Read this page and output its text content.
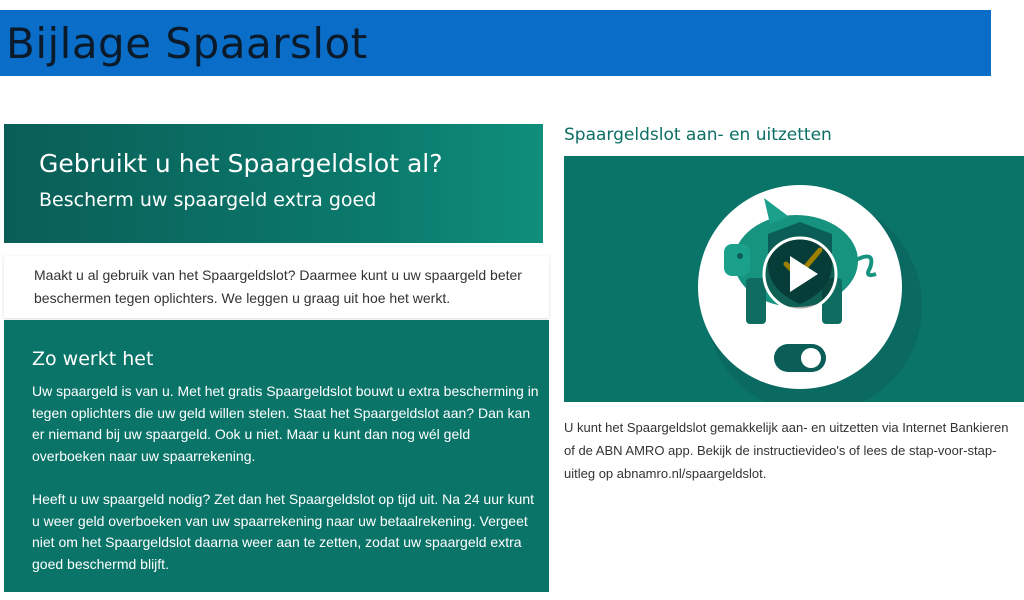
Bijlage Spaarslot
Gebruikt u het Spaargeldslot al?
Bescherm uw spaargeld extra goed

Maakt u al gebruik van het Spaargeldslot? Daarmee kunt u uw spaargeld beter beschermen tegen oplichters. We leggen u graag uit hoe het werkt.

Zo werkt het

Uw spaargeld is van u. Met het gratis Spaargeldslot bouwt u extra bescherming in tegen oplichters die uw geld willen stelen. Staat het Spaargeldslot aan? Dan kan er niemand bij uw spaargeld. Ook u niet. Maar u kunt dan nog wél geld overboeken naar uw spaarrekening.

Heeft u uw spaargeld nodig? Zet dan het Spaargeldslot op tijd uit. Na 24 uur kunt u weer geld overboeken van uw spaarrekening naar uw betaalrekening. Vergeet niet om het Spaargeldslot daarna weer aan te zetten, zodat uw spaargeld extra goed beschermd blijft.

Spaargeldslot aan- en uitzetten
U kunt het Spaargeldslot gemakkelijk aan- en uitzetten via Internet Bankieren
of de ABN AMRO app. Bekijk de instructievideo's of lees de stap-voor-stap-
uitleg op abnamro.nl/spaargeldslot.
